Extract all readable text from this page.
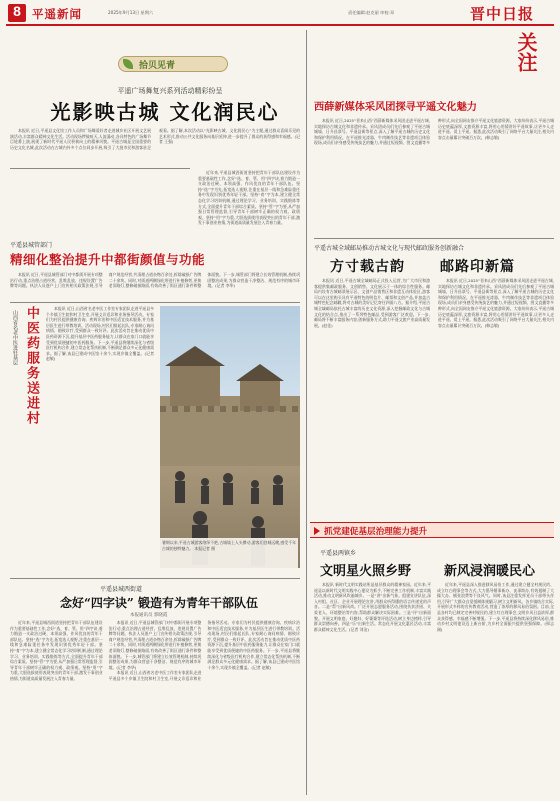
8 平遥新闻	2025年9月13日 星期六	责任编辑:赵克丽 审校:邓	晋中日报
拾贝见青
平遥广场舞复兴系列活动精彩纷呈
光影映古城 文化润民心

本报讯 近日,平遥县文化馆工作人员和广场舞爱好者走进城乡社区开展文艺展演活动,丰富群众精神文化生活。活动现场锣鼓喧天,人流涌动,各具特色的广场舞节目轮番上演,展现了新时代平遥人民积极向上的精神风貌。平遥古城是全国重要的历史文化名城,此次活动在古城内外多个点位同步开展,吸引了大批市民和游客驻足观看。据了解,本次活动以“光影映古城、文化润民心”为主题,通过群众喜闻乐见的艺术形式,推动公共文化服务向基层延伸,进一步提升了群众的获得感和幸福感。(记者 王强)

近年来,平遥县城西街道坚持把青年干部队伍建设作为重要基础性工作,念好“选、育、管、用”四字诀,着力锻造一支政治过硬、本领高强、作风优良的青年干部队伍。坚持“选”字为先,拓宽选人视野,注重在基层一线和急难险重任务中发现识别优秀年轻干部。坚持“育”字为本,建立健全常态化学习培训机制,通过理论学习、业务培训、实践锻炼等方式,全面提升青年干部综合素质。坚持“管”字为要,从严加强日常管理监督,引导青年干部树牢正确的权力观、政绩观。坚持“用”字为重,大胆选拔使用表现突出的青年干部,激发干事创业热情,为街道高质量发展注入青春力量。

平遥县城管部门
精细化整治提升中都街颜值与功能

本报讯 近日,平遥县城管部门对中都街开展专项整治行动,重点治理占道经营、乱堆乱放、违规设置广告牌等问题。执法人员逐户上门宣传相关政策法规,引导商户规范经营,共清理占道杂物百余处,拆除破损广告牌二十余块。同时,对街道两侧绿化带进行补植修剪,更换老旧路灯,整修破损路面,有效改善了街区通行条件和整体面貌。下一步,城管部门将建立长效管理机制,持续巩固整治成果,为群众营造干净整洁、规范有序的城市环境。(记者 李华)

山西省名老中医进驻基层 中医药服务送进村	本报讯 近日,山西省名老中医工作室专家团队走进平遥县多个乡镇卫生院和村卫生室,开展义诊巡诊和业务指导活动。专家们为村民提供健康咨询、疾病诊治和中医适宜技术服务,并为基层医生进行带教培训。活动现场,村民们排起长队,专家耐心询问病情、细致诊疗,受到群众一致好评。此次活动旨在推动优质中医药资源下沉,提升基层中医药服务能力,让群众在家门口就能享受到优质便捷的中医药服务。下一步,平遥县将继续深化与省级医疗机构合作,建立常态化帮扶机制,不断满足群众多元化健康需求。据了解,该县已建成中医馆十余个,实现乡镇全覆盖。(记者 赵敏)

暑期以来,平遥古城游客络绎不绝,古城墙上人头攒动,游客们登城远眺,感受千年古城的独特魅力。 本报记者 摄

平遥县城西街道
念好“四字诀” 锻造有为青年干部队伍
本报通讯员 郭晓霞

近年来,平遥县城西街道坚持把青年干部队伍建设作为重要基础性工作,念好“选、育、管、用”四字诀,着力锻造一支政治过硬、本领高强、作风优良的青年干部队伍。坚持“选”字为先,拓宽选人视野,注重在基层一线和急难险重任务中发现识别优秀年轻干部。坚持“育”字为本,建立健全常态化学习培训机制,通过理论学习、业务培训、实践锻炼等方式,全面提升青年干部综合素质。坚持“管”字为要,从严加强日常管理监督,引导青年干部树牢正确的权力观、政绩观。坚持“用”字为重,大胆选拔使用表现突出的青年干部,激发干事创业热情,为街道高质量发展注入青春力量。

本报讯 近日,平遥县城管部门对中都街开展专项整治行动,重点治理占道经营、乱堆乱放、违规设置广告牌等问题。执法人员逐户上门宣传相关政策法规,引导商户规范经营,共清理占道杂物百余处,拆除破损广告牌二十余块。同时,对街道两侧绿化带进行补植修剪,更换老旧路灯,整修破损路面,有效改善了街区通行条件和整体面貌。下一步,城管部门将建立长效管理机制,持续巩固整治成果,为群众营造干净整洁、规范有序的城市环境。(记者 李华)

本报讯 近日,山西省名老中医工作室专家团队走进平遥县多个乡镇卫生院和村卫生室,开展义诊巡诊和业务指导活动。专家们为村民提供健康咨询、疾病诊治和中医适宜技术服务,并为基层医生进行带教培训。活动现场,村民们排起长队,专家耐心询问病情、细致诊疗,受到群众一致好评。此次活动旨在推动优质中医药资源下沉,提升基层中医药服务能力,让群众在家门口就能享受到优质便捷的中医药服务。下一步,平遥县将继续深化与省级医疗机构合作,建立常态化帮扶机制,不断满足群众多元化健康需求。据了解,该县已建成中医馆十余个,实现乡镇全覆盖。(记者 赵敏)

关注
西薛新媒体采风团探寻平遥文化魅力

本报讯 近日,2025“晋来山西”西薛新媒体采风团走进平遥古城,实地探访古城文化和非遗传承。采风团成员们先后参观了平遥古城城墙、日升昌票号、平遥县衙等景点,深入了解平遥古城的历史文化和保护利用情况。在平遥推光漆器、牛肉制作技艺等非遗项目体验现场,成员们亲身感受传统技艺的魅力,并通过短视频、图文直播等多种形式,向全国网友推介平遥文化旅游资源。大家纷纷表示,平遥古城历史底蕴深厚,文旅资源丰富,将用心用情讲好平遥故事,让更多人走进平遥、爱上平遥。据悉,此次活动吸引了网络平台大量关注,相关内容点击量累计突破百万次。(韩志敏)

平遥古城全域邮局推动古城文化与现代邮政服务创新融合
方寸载古韵	邮路印新篇

本报讯 近日,平遥古城全域邮局正式投入运营,为广大市民和游客提供集邮政服务、文创销售、文化展示于一体的综合性服务。邮局内设有古城邮票展示区、文创产品销售区和非遗互动体验区,游客可以在这里购买具有平遥特色的明信片、邮票和文创产品,并加盖古城特色纪念邮戳,将对古城的美好记忆寄往四面八方。据介绍,平遥古城全域邮局依托古城丰富的历史文化资源,深入挖掘邮政文化与古城文化的结合点,推出了一系列特色邮品,受到游客广泛欢迎。下一步,邮局将不断丰富服务内容,创新服务方式,助力平遥文旅产业高质量发展。(赵佳)

本报讯 近日,2025“晋来山西”西薛新媒体采风团走进平遥古城,实地探访古城文化和非遗传承。采风团成员们先后参观了平遥古城城墙、日升昌票号、平遥县衙等景点,深入了解平遥古城的历史文化和保护利用情况。在平遥推光漆器、牛肉制作技艺等非遗项目体验现场,成员们亲身感受传统技艺的魅力,并通过短视频、图文直播等多种形式,向全国网友推介平遥文化旅游资源。大家纷纷表示,平遥古城历史底蕴深厚,文旅资源丰富,将用心用情讲好平遥故事,让更多人走进平遥、爱上平遥。据悉,此次活动吸引了网络平台大量关注,相关内容点击量累计突破百万次。(韩志敏)

抓党建促基层治理能力提升
平遥县两镇乡
文明星火照乡野	新风浸润暖民心

本报讯 新时代文明实践站所是基层群众的精神家园。近年来,平遥县以新时代文明实践中心建设为抓手,不断完善工作机制,丰富实践活动,推动文明新风吹遍城乡。一是“讲”出新气象。组建宣讲队伍,深入村组、社区、企业开展理论宣讲,用群众听得懂的语言传递党的声音。二是“帮”出新风尚。广泛开展志愿服务活动,围绕扶贫济困、关爱老人、环境整治等内容,帮助群众解决实际困难。三是“评”出新面貌。开展文明家庭、好媳妇、好婆婆等评选活动,树立身边榜样,引导群众崇德向善。四是“乐”出新生活。常态化开展文化惠民活动,丰富群众精神文化生活。(记者 刘洁)

近年来,平遥县深入推进移风易俗工作,通过建立健全村规民约、成立红白理事会等方式,大力倡导婚事新办、丧事简办,有效遏制了大操大办、铺张浪费等不良风气。同时,该县注重发挥党员干部带头作用,引导广大群众自觉抵制陈规陋习,树立文明新风。各乡镇结合实际,开展形式多样的宣传教育活动,营造了浓厚的移风易俗氛围。目前,全县各村均已制定完善村规民约,建立红白理事会,文明乡风日益浓厚,群众获得感、幸福感不断增强。下一步,平遥县将持续深化移风易俗,推动乡村文明建设迈上新台阶,为乡村全面振兴提供坚强保障。(邢志刚)
